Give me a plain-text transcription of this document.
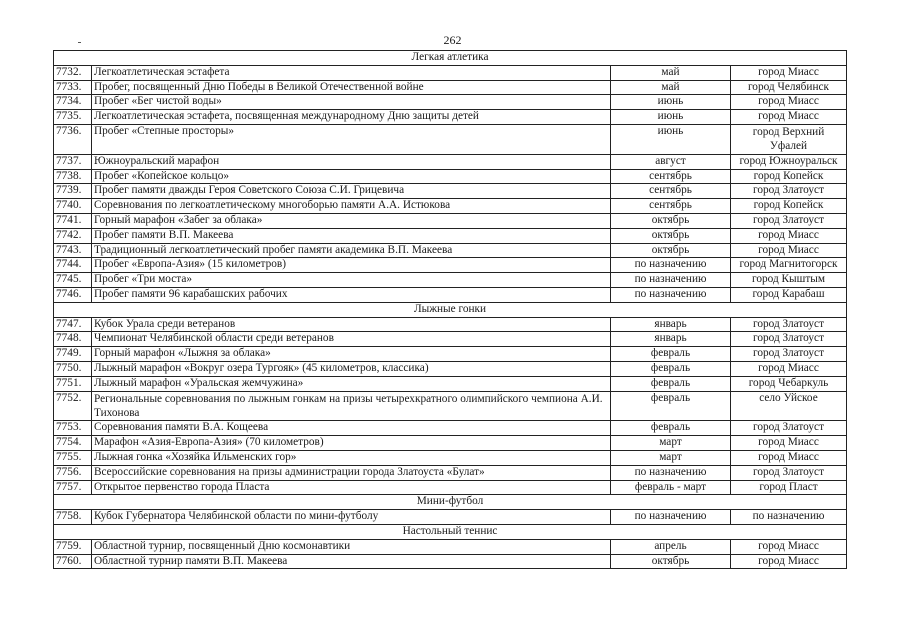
262
Легкая атлетика			
7732.	Легкоатлетическая эстафета	май	город Миасс
7733.	Пробег, посвященный Дню Победы в Великой Отечественной войне	май	город Челябинск
7734.	Пробег «Бег чистой воды»	июнь	город Миасс
7735.	Легкоатлетическая эстафета, посвященная международному Дню защиты детей	июнь	город Миасс
7736.	Пробег «Степные просторы»	июнь	город Верхний Уфалей
7737.	Южноуральский марафон	август	город Южноуральск
7738.	Пробег «Копейское кольцо»	сентябрь	город Копейск
7739.	Пробег памяти дважды Героя Советского Союза С.И. Грицевича	сентябрь	город Златоуст
7740.	Соревнования по легкоатлетическому многоборью памяти А.А. Истюкова	сентябрь	город Копейск
7741.	Горный марафон «Забег за облака»	октябрь	город Златоуст
7742.	Пробег памяти В.П. Макеева	октябрь	город Миасс
7743.	Традиционный легкоатлетический пробег памяти академика В.П. Макеева	октябрь	город Миасс
7744.	Пробег «Европа-Азия» (15 километров)	по назначению	город Магнитогорск
7745.	Пробег «Три моста»	по назначению	город Кыштым
7746.	Пробег памяти 96 карабашских рабочих	по назначению	город Карабаш
Лыжные гонки			
7747.	Кубок Урала среди ветеранов	январь	город Златоуст
7748.	Чемпионат Челябинской области среди ветеранов	январь	город Златоуст
7749.	Горный марафон «Лыжня за облака»	февраль	город Златоуст
7750.	Лыжный марафон «Вокруг озера Тургояк» (45 километров, классика)	февраль	город Миасс
7751.	Лыжный марафон «Уральская жемчужина»	февраль	город Чебаркуль
7752.	Региональные соревнования по лыжным гонкам на призы четырехкратного олимпийского чемпиона А.И. Тихонова	февраль	село Уйское
7753.	Соревнования памяти В.А. Кощеева	февраль	город Златоуст
7754.	Марафон «Азия-Европа-Азия» (70 километров)	март	город Миасс
7755.	Лыжная гонка «Хозяйка Ильменских гор»	март	город Миасс
7756.	Всероссийские соревнования на призы администрации города Златоуста «Булат»	по назначению	город Златоуст
7757.	Открытое первенство города Пласта	февраль - март	город Пласт
Мини-футбол			
7758.	Кубок Губернатора Челябинской области по мини-футболу	по назначению	по назначению
Настольный теннис			
7759.	Областной турнир, посвященный Дню космонавтики	апрель	город Миасс
7760.	Областной турнир памяти В.П. Макеева	октябрь	город Миасс
